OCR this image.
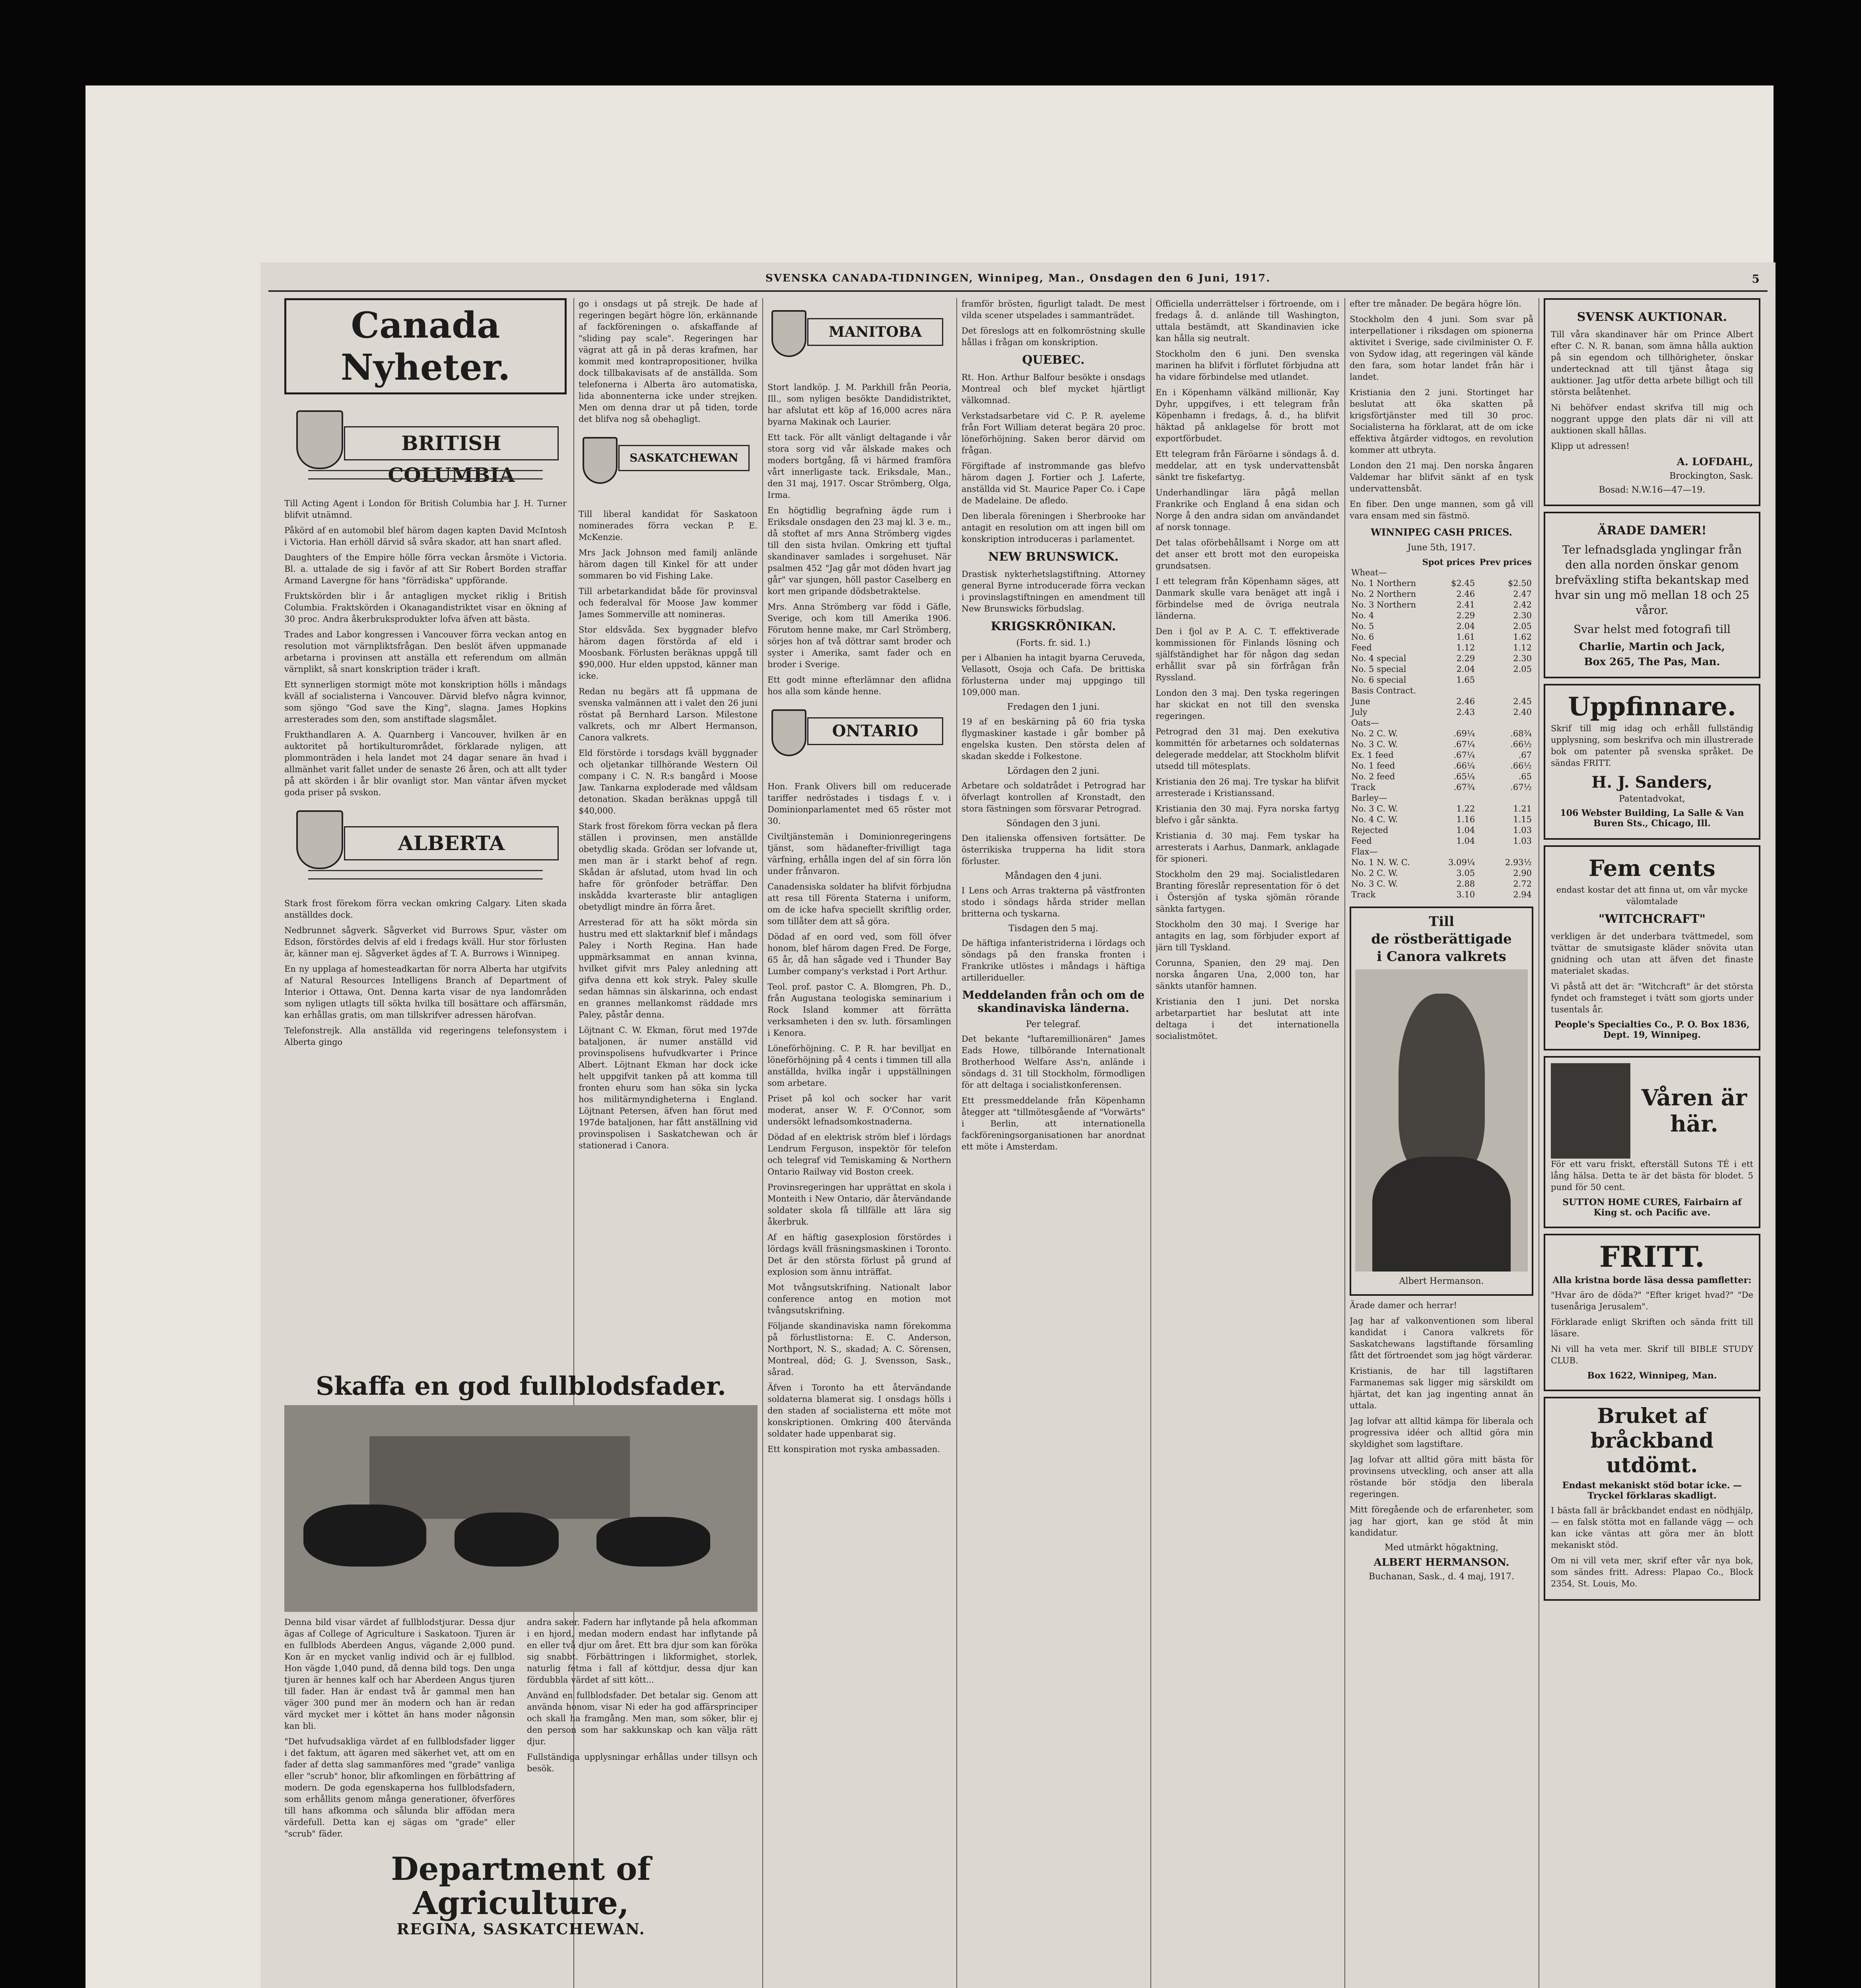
SVENSKA CANADA-TIDNINGEN, Winnipeg, Man., Onsdagen den 6 Juni, 1917.	5
Canada Nyheter.
BRITISH COLUMBIA

Till Acting Agent i London för British Columbia har J. H. Turner blifvit utnämnd.

Påkörd af en automobil blef härom dagen kapten David McIntosh i Victoria. Han erhöll därvid så svåra skador, att han snart afled.

Daughters of the Empire hölle förra veckan årsmöte i Victoria. Bl. a. uttalade de sig i favör af att Sir Robert Borden straffar Armand Lavergne för hans "förrädiska" uppförande.

Fruktskörden blir i år antagligen mycket riklig i British Columbia. Fraktskörden i Okanagandistriktet visar en ökning af 30 proc. Andra åkerbruksprodukter lofva äfven att bästa.

Trades and Labor kongressen i Vancouver förra veckan antog en resolution mot värnpliktsfrågan. Den beslöt äfven uppmanade arbetarna i provinsen att anställa ett referendum om allmän värnplikt, så snart konskription träder i kraft.

Ett synnerligen stormigt möte mot konskription hölls i måndags kväll af socialisterna i Vancouver. Därvid blefvo några kvinnor, som sjöngo "God save the King", slagna. James Hopkins arresterades som den, som anstiftade slagsmålet.

Frukthandlaren A. A. Quarnberg i Vancouver, hvilken är en auktoritet på hortikulturområdet, förklarade nyligen, att plommonträden i hela landet mot 24 dagar senare än hvad i allmänhet varit fallet under de senaste 26 åren, och att allt tyder på att skörden i år blir ovanligt stor. Man väntar äfven mycket goda priser på svskon.

ALBERTA

Stark frost förekom förra veckan omkring Calgary. Liten skada anställdes dock.

Nedbrunnet sågverk. Sågverket vid Burrows Spur, väster om Edson, förstördes delvis af eld i fredags kväll. Hur stor förlusten är, känner man ej. Sågverket ägdes af T. A. Burrows i Winnipeg.

En ny upplaga af homesteadkartan för norra Alberta har utgifvits af Natural Resources Intelligens Branch af Department of Interior i Ottawa, Ont. Denna karta visar de nya landområden som nyligen utlagts till sökta hvilka till bosättare och affärsmän, kan erhållas gratis, om man tillskrifver adressen härofvan.

Telefonstrejk. Alla anställda vid regeringens telefonsystem i Alberta gingo

go i onsdags ut på strejk. De hade af regeringen begärt högre lön, erkännande af fackföreningen o. afskaffande af "sliding pay scale". Regeringen har vägrat att gå in på deras krafmen, har kommit med kontrapropositioner, hvilka dock tillbakavisats af de anställda. Som telefonerna i Alberta äro automatiska, lida abonnenterna icke under strejken. Men om denna drar ut på tiden, torde det blifva nog så obehagligt.

SASKATCHEWAN

Till liberal kandidat för Saskatoon nominerades förra veckan P. E. McKenzie.

Mrs Jack Johnson med familj anlände härom dagen till Kinkel för att under sommaren bo vid Fishing Lake.

Till arbetarkandidat både för provinsval och federalval för Moose Jaw kommer James Sommerville att nomineras.

Stor eldsvåda. Sex byggnader blefvo härom dagen förstörda af eld i Moosbank. Förlusten beräknas uppgå till $90,000. Hur elden uppstod, känner man icke.

Redan nu begärs att få uppmana de svenska valmännen att i valet den 26 juni röstat på Bernhard Larson. Milestone valkrets, och mr Albert Hermanson, Canora valkrets.

Eld förstörde i torsdags kväll byggnader och oljetankar tillhörande Western Oil company i C. N. R:s bangård i Moose Jaw. Tankarna exploderade med våldsam detonation. Skadan beräknas uppgå till $40,000.

Stark frost förekom förra veckan på flera ställen i provinsen, men anställde obetydlig skada. Grödan ser lofvande ut, men man är i starkt behof af regn. Skådan är afslutad, utom hvad lin och hafre för grönfoder beträffar. Den inskådda kvarteraste blir antagligen obetydligt mindre än förra året.

Arresterad för att ha sökt mörda sin hustru med ett slaktarknif blef i måndags Paley i North Regina. Han hade uppmärksammat en annan kvinna, hvilket gifvit mrs Paley anledning att gifva denna ett kok stryk. Paley skulle sedan hämnas sin älskarinna, och endast en grannes mellankomst räddade mrs Paley, påstår denna.

Löjtnant C. W. Ekman, förut med 197de bataljonen, är numer anställd vid provinspolisens hufvudkvarter i Prince Albert. Löjtnant Ekman har dock icke helt uppgifvit tanken på att komma till fronten ehuru som han söka sin lycka hos militärmyndigheterna i England. Löjtnant Petersen, äfven han förut med 197de bataljonen, har fått anställning vid provinspolisen i Saskatchewan och är stationerad i Canora.

Skaffa en god fullblodsfader.

Denna bild visar värdet af fullblodstjurar. Dessa djur ägas af College of Agriculture i Saskatoon. Tjuren är en fullblods Aberdeen Angus, vägande 2,000 pund. Kon är en mycket vanlig individ och är ej fullblod. Hon vägde 1,040 pund, då denna bild togs. Den unga tjuren är hennes kalf och har Aberdeen Angus tjuren till fader. Han är endast två år gammal men han väger 300 pund mer än modern och han är redan värd mycket mer i köttet än hans moder någonsin kan bli.

"Det hufvudsakliga värdet af en fullblodsfader ligger i det faktum, att ägaren med säkerhet vet, att om en fader af detta slag sammanföres med "grade" vanliga eller "scrub" honor, blir afkomlingen en förbättring af modern. De goda egenskaperna hos fullblodsfadern, som erhållits genom många generationer, öfverföres till hans afkomma och sålunda blir affödan mera värdefull. Detta kan ej sägas om "grade" eller "scrub" fäder.

andra saker. Fadern har inflytande på hela afkomman i en hjord, medan modern endast har inflytande på en eller två djur om året. Ett bra djur som kan föröka sig snabbt. Förbättringen i likformighet, storlek, naturlig fetma i fall af köttdjur, dessa djur kan fördubbla värdet af sitt kött...

Använd en fullblodsfader. Det betalar sig. Genom att använda honom, visar Ni eder ha god affärsprinciper och skall ha framgång. Men man, som söker, blir ej den person som har sakkunskap och kan välja rätt djur.

Fullständiga upplysningar erhållas under tillsyn och besök.

Department of Agriculture,
REGINA, SASKATCHEWAN.
MANITOBA

Stort landköp. J. M. Parkhill från Peoria, Ill., som nyligen besökte Dandidistriktet, har afslutat ett köp af 16,000 acres nära byarna Makinak och Laurier.

Ett tack. För allt vänligt deltagande i vår stora sorg vid vår älskade makes och moders bortgång, få vi härmed framföra vårt innerligaste tack. Eriksdale, Man., den 31 maj, 1917. Oscar Strömberg, Olga, Irma.

En högtidlig begrafning ägde rum i Eriksdale onsdagen den 23 maj kl. 3 e. m., då stoftet af mrs Anna Strömberg vigdes till den sista hvilan. Omkring ett tjuftal skandinaver samlades i sorgehuset. När psalmen 452 "Jag går mot döden hvart jag går" var sjungen, höll pastor Caselberg en kort men gripande dödsbetraktelse.

Mrs. Anna Strömberg var född i Gäfle, Sverige, och kom till Amerika 1906. Förutom henne make, mr Carl Strömberg, sörjes hon af två döttrar samt broder och syster i Amerika, samt fader och en broder i Sverige.

Ett godt minne efterlämnar den aflidna hos alla som kände henne.

ONTARIO

Hon. Frank Olivers bill om reducerade tariffer nedröstades i tisdags f. v. i Dominionparlamentet med 65 röster mot 30.

Civiltjänstemän i Dominionregeringens tjänst, som hädanefter-frivilligt taga värfning, erhålla ingen del af sin förra lön under frånvaron.

Canadensiska soldater ha blifvit förbjudna att resa till Förenta Staterna i uniform, om de icke hafva speciellt skriftlig order, som tillåter dem att så göra.

Dödad af en oord ved, som föll öfver honom, blef härom dagen Fred. De Forge, 65 år, då han sågade ved i Thunder Bay Lumber company's verkstad i Port Arthur.

Teol. prof. pastor C. A. Blomgren, Ph. D., från Augustana teologiska seminarium i Rock Island kommer att förrätta verksamheten i den sv. luth. församlingen i Kenora.

Löneförhöjning. C. P. R. har bevilljat en löneförhöjning på 4 cents i timmen till alla anställda, hvilka ingår i uppställningen som arbetare.

Priset på kol och socker har varit moderat, anser W. F. O'Connor, som undersökt lefnadsomkostnaderna.

Dödad af en elektrisk ström blef i lördags Lendrum Ferguson, inspektör för telefon och telegraf vid Temiskaming & Northern Ontario Railway vid Boston creek.

Provinsregeringen har upprättat en skola i Monteith i New Ontario, där återvändande soldater skola få tillfälle att lära sig åkerbruk.

Af en häftig gasexplosion förstördes i lördags kväll fräsningsmaskinen i Toronto. Det är den största förlust på grund af explosion som ännu inträffat.

Mot tvångsutskrifning. Nationalt labor conference antog en motion mot tvångsutskrifning.

Följande skandinaviska namn förekomma på förlustlistorna: E. C. Anderson, Northport, N. S., skadad; A. C. Sörensen, Montreal, död; G. J. Svensson, Sask., sårad.

Äfven i Toronto ha ett återvändande soldaterna blamerat sig. I onsdags hölls i den staden af socialisterna ett möte mot konskriptionen. Omkring 400 återvända soldater hade uppenbarat sig.

Ett konspiration mot ryska ambassaden.

framför brösten, figurligt taladt. De mest vilda scener utspelades i sammanträdet.

Det föreslogs att en folkomröstning skulle hållas i frågan om konskription.

QUEBEC.

Rt. Hon. Arthur Balfour besökte i onsdags Montreal och blef mycket hjärtligt välkomnad.

Verkstadsarbetare vid C. P. R. ayeleme från Fort William deterat begära 20 proc. löneförhöjning. Saken beror därvid om frågan.

Förgiftade af instrommande gas blefvo härom dagen J. Fortier och J. Laferte, anställda vid St. Maurice Paper Co. i Cape de Madelaine. De afledo.

Den liberala föreningen i Sherbrooke har antagit en resolution om att ingen bill om konskription introduceras i parlamentet.

NEW BRUNSWICK.

Drastisk nykterhetslagstiftning. Attorney general Byrne introducerade förra veckan i provinslagstiftningen en amendment till New Brunswicks förbudslag.

KRIGSKRÖNIKAN.
(Forts. fr. sid. 1.)

per i Albanien ha intagit byarna Ceruveda, Vellasott, Osoja och Cafa. De brittiska förlusterna under maj uppgingo till 109,000 man.

Fredagen den 1 juni.

19 af en beskärning på 60 fria tyska flygmaskiner kastade i går bomber på engelska kusten. Den största delen af skadan skedde i Folkestone.

Lördagen den 2 juni.

Arbetare och soldatrådet i Petrograd har öfverlagt kontrollen af Kronstadt, den stora fästningen som försvarar Petrograd.

Söndagen den 3 juni.

Den italienska offensiven fortsätter. De österrikiska trupperna ha lidit stora förluster.

Måndagen den 4 juni.

I Lens och Arras trakterna på västfronten stodo i söndags hårda strider mellan britterna och tyskarna.

Tisdagen den 5 maj.

De häftiga infanteristriderna i lördags och söndags på den franska fronten i Frankrike utlöstes i måndags i häftiga artilleridueller.

Meddelanden från och om de skandinaviska länderna.
Per telegraf.

Det bekante "luftaremillionären" James Eads Howe, tillbörande Internationalt Brotherhood Welfare Ass'n, anlände i söndags d. 31 till Stockholm, förmodligen för att deltaga i socialistkonferensen.

Ett pressmeddelande från Köpenhamn åtegger att "tillmötesgående af "Vorwärts" i Berlin, att internationella fackföreningsorganisationen har anordnat ett möte i Amsterdam.

Officiella underrättelser i förtroende, om i fredags å. d. anlände till Washington, uttala bestämdt, att Skandinavien icke kan hålla sig neutralt.

Stockholm den 6 juni. Den svenska marinen ha blifvit i förflutet förbjudna att ha vidare förbindelse med utlandet.

En i Köpenhamn välkänd millionär, Kay Dyhr, uppgifves, i ett telegram från Köpenhamn i fredags, å. d., ha blifvit häktad på anklagelse för brott mot exportförbudet.

Ett telegram från Färöarne i söndags å. d. meddelar, att en tysk undervattensbåt sänkt tre fiskefartyg.

Underhandlingar lära pågå mellan Frankrike och England å ena sidan och Norge å den andra sidan om användandet af norsk tonnage.

Det talas oförbehållsamt i Norge om att det anser ett brott mot den europeiska grundsatsen.

I ett telegram från Köpenhamn säges, att Danmark skulle vara benäget att ingå i förbindelse med de övriga neutrala länderna.

Den i fjol av P. A. C. T. effektiverade kommissionen för Finlands lösning och själfständighet har för någon dag sedan erhållit svar på sin förfrågan från Ryssland.

London den 3 maj. Den tyska regeringen har skickat en not till den svenska regeringen.

Petrograd den 31 maj. Den exekutiva kommittén för arbetarnes och soldaternas delegerade meddelar, att Stockholm blifvit utsedd till mötesplats.

Kristiania den 26 maj. Tre tyskar ha blifvit arresterade i Kristianssand.

Kristiania den 30 maj. Fyra norska fartyg blefvo i går sänkta.

Kristiania d. 30 maj. Fem tyskar ha arresterats i Aarhus, Danmark, anklagade för spioneri.

Stockholm den 29 maj. Socialistledaren Branting föreslår representation för ö det i Östersjön af tyska sjömän rörande sänkta fartygen.

Stockholm den 30 maj. I Sverige har antagits en lag, som förbjuder export af järn till Tyskland.

Corunna, Spanien, den 29 maj. Den norska ångaren Una, 2,000 ton, har sänkts utanför hamnen.

Kristiania den 1 juni. Det norska arbetarpartiet har beslutat att inte deltaga i det internationella socialistmötet.

efter tre månader. De begära högre lön.

Stockholm den 4 juni. Som svar på interpellationer i riksdagen om spionerna aktivitet i Sverige, sade civilminister O. F. von Sydow idag, att regeringen väl kände den fara, som hotar landet från här i landet.

Kristiania den 2 juni. Stortinget har beslutat att öka skatten på krigsförtjänster med till 30 proc. Socialisterna ha förklarat, att de om icke effektiva åtgärder vidtogos, en revolution kommer att utbryta.

London den 21 maj. Den norska ångaren Valdemar har blifvit sänkt af en tysk undervattensbåt.

En fiber. Den unge mannen, som gå vill vara ensam med sin fästmö.

WINNIPEG CASH PRICES.
June 5th, 1917.
	Spot prices	Prev prices
Wheat—		
No. 1 Northern	$2.45	$2.50
No. 2 Northern	2.46	2.47
No. 3 Northern	2.41	2.42
No. 4	2.29	2.30
No. 5	2.04	2.05
No. 6	1.61	1.62
Feed	1.12	1.12
No. 4 special	2.29	2.30
No. 5 special	2.04	2.05
No. 6 special	1.65	
Basis Contract.		
June	2.46	2.45
July	2.43	2.40
Oats—		
No. 2 C. W.	.69¼	.68¾
No. 3 C. W.	.67¼	.66½
Ex. 1 feed	.67¼	.67
No. 1 feed	.66¼	.66½
No. 2 feed	.65¼	.65
Track	.67¾	.67½
Barley—		
No. 3 C. W.	1.22	1.21
No. 4 C. W.	1.16	1.15
Rejected	1.04	1.03
Feed	1.04	1.03
Flax—		
No. 1 N. W. C.	3.09¼	2.93½
No. 2 C. W.	3.05	2.90
No. 3 C. W.	2.88	2.72
Track	3.10	2.94
Till
de röstberättigade
i Canora valkrets
Albert Hermanson.

Ärade damer och herrar!

Jag har af valkonventionen som liberal kandidat i Canora valkrets för Saskatchewans lagstiftande församling fått det förtroendet som jag högt värderar.

Kristianis, de har till lagstiftaren Farmanemas sak ligger mig särskildt om hjärtat, det kan jag ingenting annat än uttala.

Jag lofvar att alltid kämpa för liberala och progressiva idéer och alltid göra min skyldighet som lagstiftare.

Jag lofvar att alltid göra mitt bästa för provinsens utveckling, och anser att alla röstande bör stödja den liberala regeringen.

Mitt föregående och de erfarenheter, som jag har gjort, kan ge stöd åt min kandidatur.

Med utmärkt högaktning,
ALBERT HERMANSON.
Buchanan, Sask., d. 4 maj, 1917.
SVENSK AUKTIONAR.

Till våra skandinaver här om Prince Albert efter C. N. R. banan, som ämna hålla auktion på sin egendom och tillhörigheter, önskar undertecknad att till tjänst åtaga sig auktioner. Jag utför detta arbete billigt och till största belåtenhet.

Ni behöfver endast skrifva till mig och noggrant uppge den plats där ni vill att auktionen skall hållas.

Klipp ut adressen!

A. LOFDAHL,
Brockington, Sask.
Bosad: N.W.16—47—19.
ÄRADE DAMER!

Ter lefnadsglada ynglingar från den alla norden önskar genom brefväxling stifta bekantskap med hvar sin ung mö mellan 18 och 25 våror.

Svar helst med fotografi till

Charlie, Martin och Jack,
Box 265, The Pas, Man.
Uppfinnare.

Skrif till mig idag och erhåll fullständig upplysning, som beskrifva och min illustrerade bok om patenter på svenska språket. De sändas FRITT.

H. J. Sanders,
Patentadvokat,
106 Webster Building, La Salle & Van Buren Sts., Chicago, Ill.
Fem cents

endast kostar det att finna ut, om vår mycke välomtalade

"WITCHCRAFT"

verkligen är det underbara tvättmedel, som tvättar de smutsigaste kläder snövita utan gnidning och utan att äfven det finaste materialet skadas.

Vi påstå att det är: "Witchcraft" är det största fyndet och framsteget i tvätt som gjorts under tusentals år.

People's Specialties Co., P. O. Box 1836, Dept. 19, Winnipeg.
Våren är här.

För ett varu friskt, efterställ Sutons TÉ i ett lång hälsa. Detta te är det bästa för blodet. 5 pund för 50 cent.

SUTTON HOME CURES, Fairbairn af King st. och Pacific ave.
FRITT.
Alla kristna borde läsa dessa pamfletter:

"Hvar äro de döda?" "Efter kriget hvad?" "De tusenåriga Jerusalem".

Förklarade enligt Skriften och sända fritt till läsare.

Ni vill ha veta mer. Skrif till BIBLE STUDY CLUB.

Box 1622, Winnipeg, Man.
Bruket af bråckband utdömt.
Endast mekaniskt stöd botar icke. — Tryckel förklaras skadligt.

I bästa fall är bråckbandet endast en nödhjälp, — en falsk stötta mot en fallande vägg — och kan icke väntas att göra mer än blott mekaniskt stöd.

Om ni vill veta mer, skrif efter vår nya bok, som sändes fritt. Adress: Plapao Co., Block 2354, St. Louis, Mo.
